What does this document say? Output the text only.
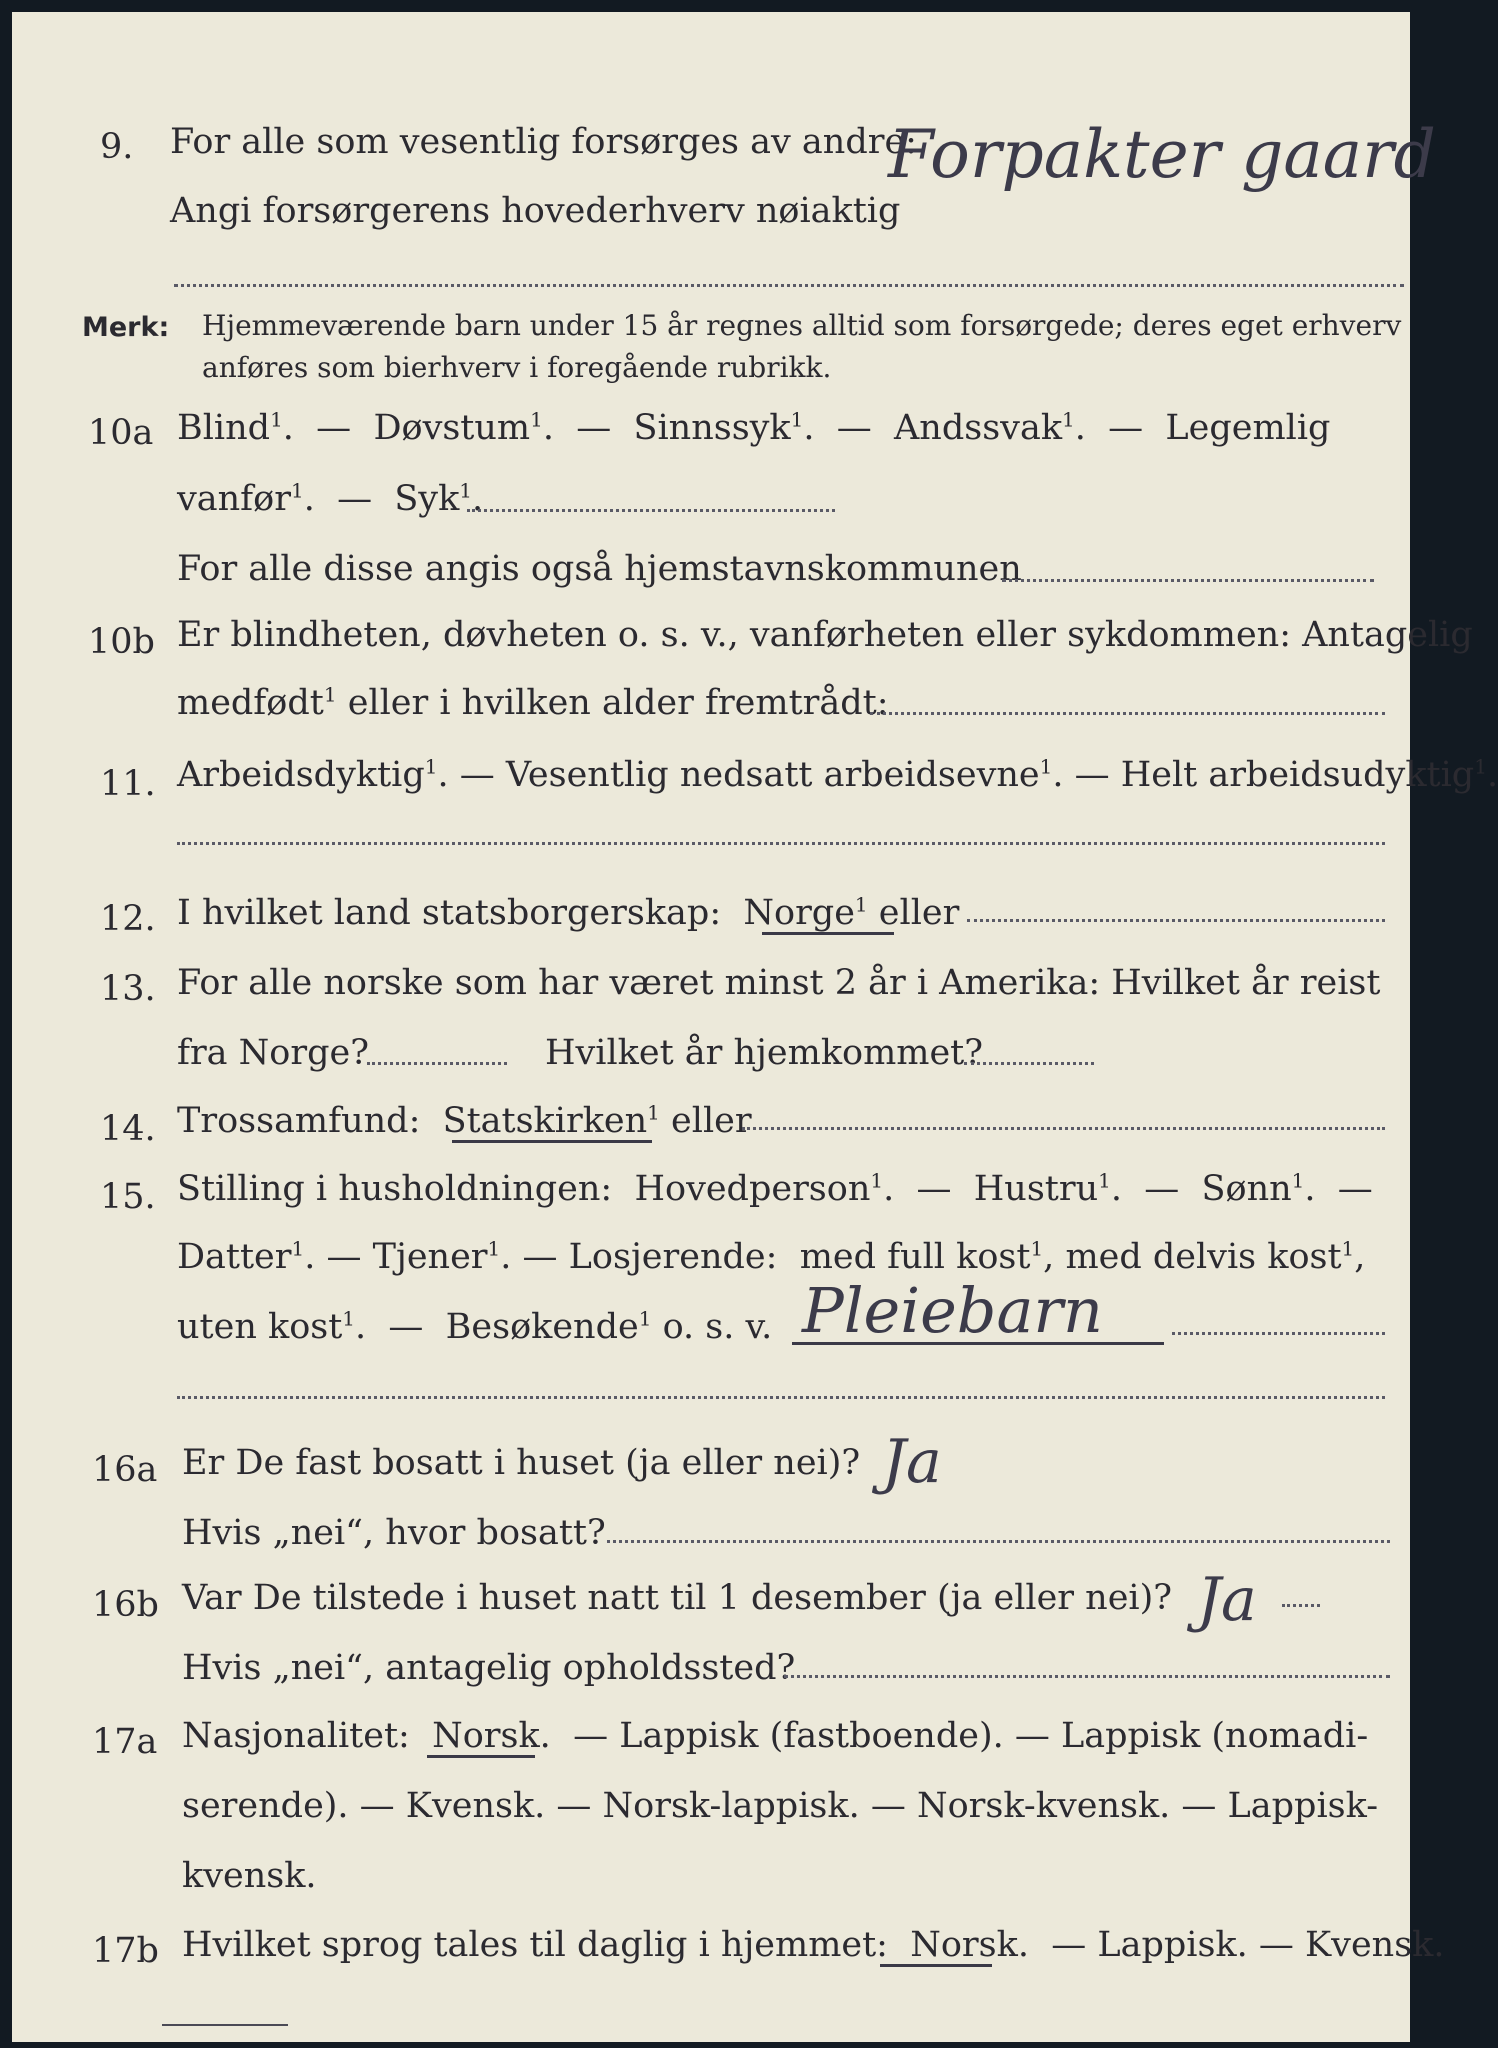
9. For alle som vesentlig forsørges av andre:
Angi forsørgerens hovederhverv nøiaktig
Forpakter gaard
Merk: Hjemmeværende barn under 15 år regnes alltid som forsørgede; deres eget erhverv
anføres som bierhverv i foregående rubrikk.
10a Blind$^1$.  —  Døvstum$^1$.  —  Sinnssyk$^1$.  —  Andssvak$^1$.  —  Legemlig
vanfør$^1$.  —  Syk$^1$.
For alle disse angis også hjemstavnskommunen
10b Er blindheten, døvheten o. s. v., vanførheten eller sykdommen: Antagelig
medfødt$^1$ eller i hvilken alder fremtrådt:
11. Arbeidsdyktig$^1$. — Vesentlig nedsatt arbeidsevne$^1$. — Helt arbeidsudyktig$^1$.
12. I hvilket land statsborgerskap: Norge$^1$ eller
13. For alle norske som har været minst 2 år i Amerika: Hvilket år reist
fra Norge?	Hvilket år hjemkommet?
14. Trossamfund: Statskirken$^1$ eller
15. Stilling i husholdningen: Hovedperson$^1$.  —  Hustru$^1$.  —  Sønn$^1$.  —
Datter$^1$. — Tjener$^1$. — Losjerende: med full kost$^1$, med delvis kost$^1$,
uten kost$^1$.  —  Besøkende$^1$ o. s. v. Pleiebarn
16a Er De fast bosatt i huset (ja eller nei)? Ja
Hvis „nei“, hvor bosatt?
16b Var De tilstede i huset natt til 1 desember (ja eller nei)? Ja
Hvis „nei“, antagelig opholdssted?
17a Nasjonalitet: Norsk. — Lappisk (fastboende). — Lappisk (nomadi-
serende). — Kvensk. — Norsk-lappisk. — Norsk-kvensk. — Lappisk-
kvensk.
17b Hvilket sprog tales til daglig i hjemmet: Norsk. — Lappisk. — Kvensk.
